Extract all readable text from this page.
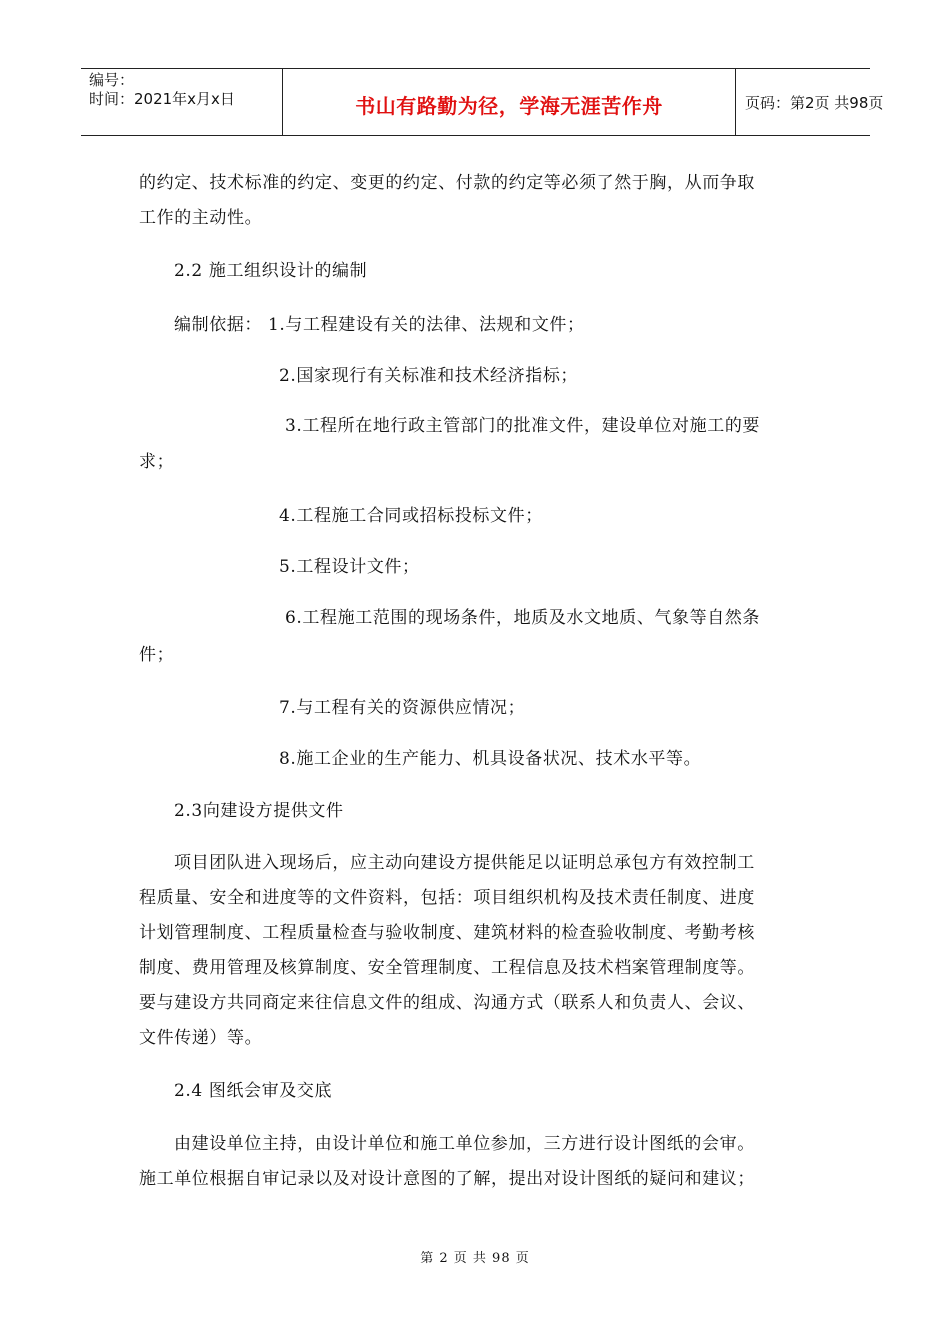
编号：
时间：2021年x月x日	书山有路勤为径，学海无涯苦作舟	页码：第2页 共98页
的约定、技术标准的约定、变更的约定、付款的约定等必须了然于胸，从而争取
工作的主动性。
2.2 施工组织设计的编制
编制依据： 1.与工程建设有关的法律、法规和文件；
2.国家现行有关标准和技术经济指标；
3.工程所在地行政主管部门的批准文件，建设单位对施工的要
求；
4.工程施工合同或招标投标文件；
5.工程设计文件；
6.工程施工范围的现场条件，地质及水文地质、气象等自然条
件；
7.与工程有关的资源供应情况；
8.施工企业的生产能力、机具设备状况、技术水平等。
2.3向建设方提供文件
项目团队进入现场后，应主动向建设方提供能足以证明总承包方有效控制工
程质量、安全和进度等的文件资料，包括：项目组织机构及技术责任制度、进度
计划管理制度、工程质量检查与验收制度、建筑材料的检查验收制度、考勤考核
制度、费用管理及核算制度、安全管理制度、工程信息及技术档案管理制度等。
要与建设方共同商定来往信息文件的组成、沟通方式（联系人和负责人、会议、
文件传递）等。
2.4 图纸会审及交底
由建设单位主持，由设计单位和施工单位参加，三方进行设计图纸的会审。
施工单位根据自审记录以及对设计意图的了解，提出对设计图纸的疑问和建议；
第 2 页 共 98 页
